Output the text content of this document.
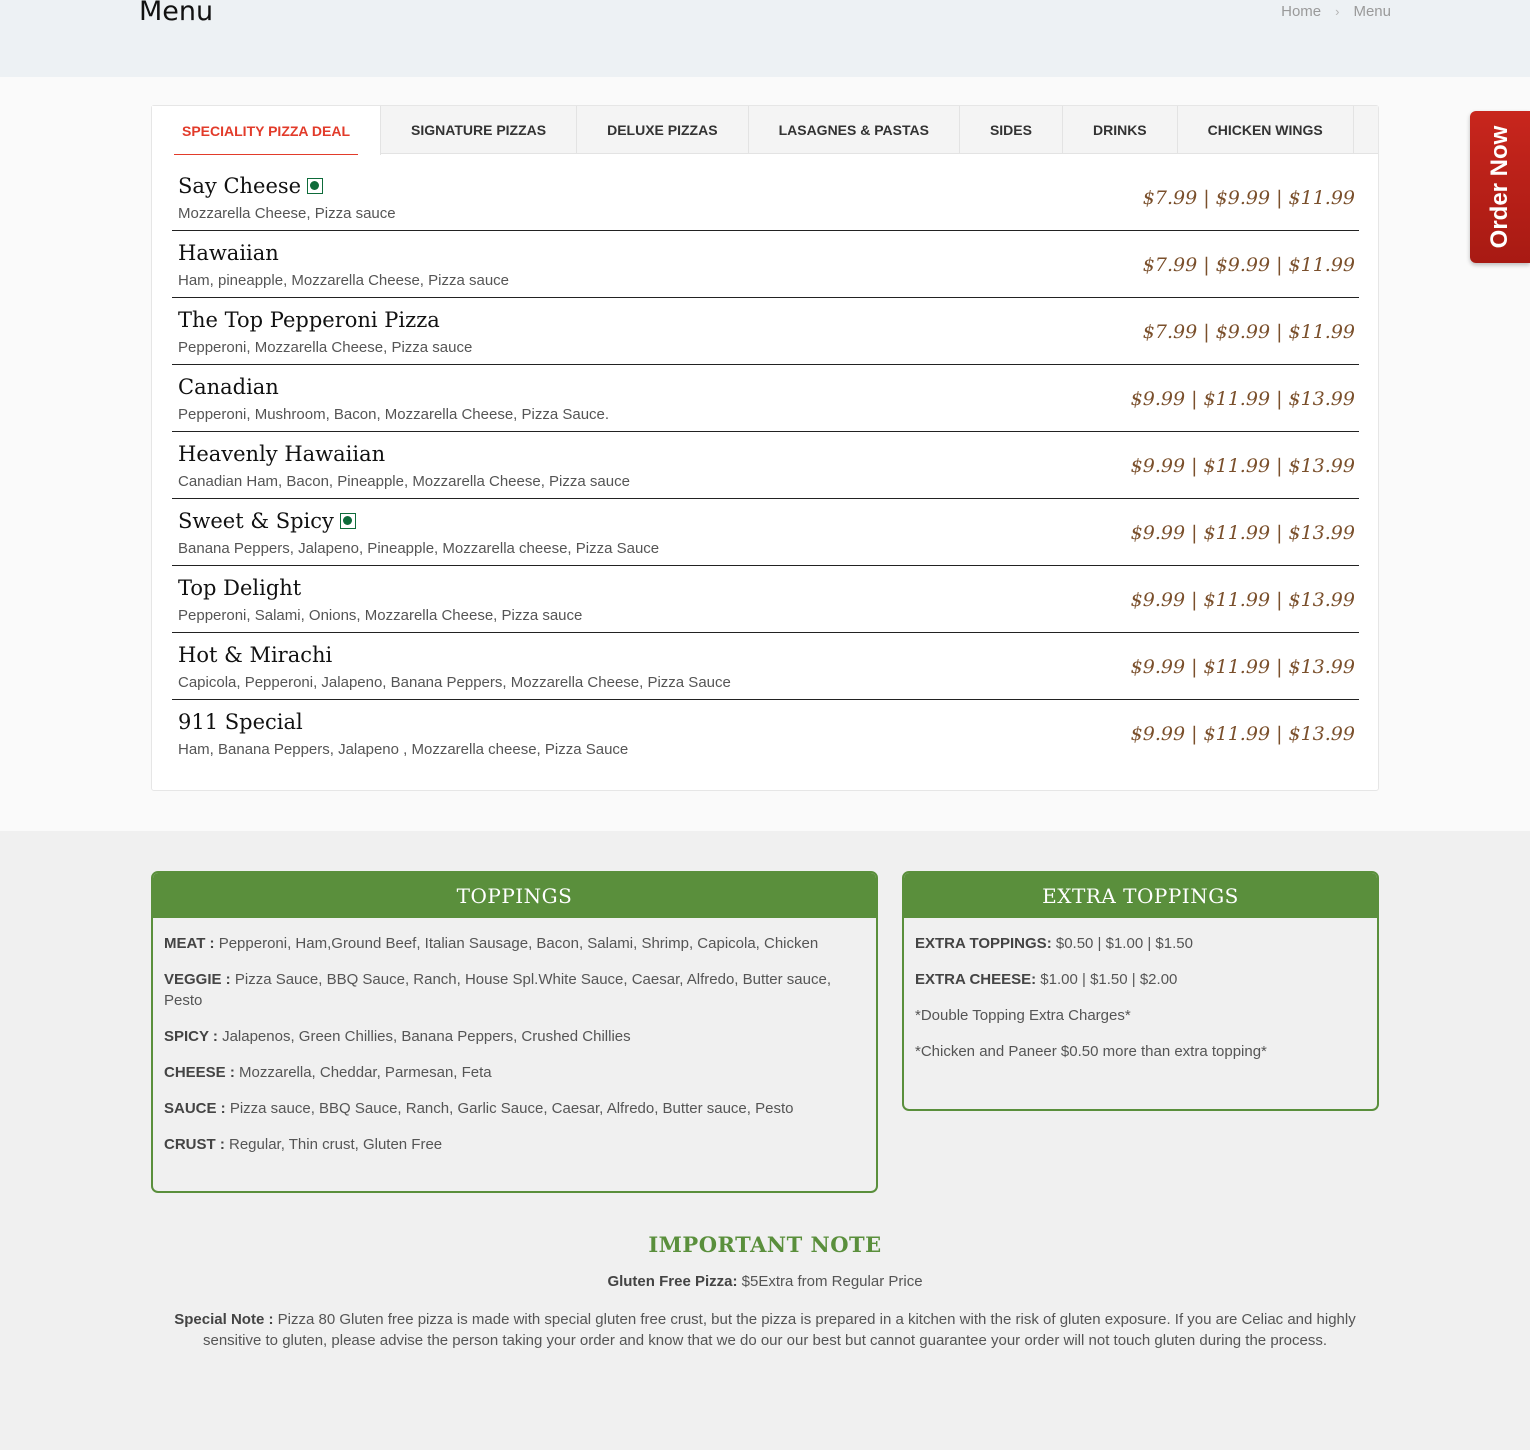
Menu	Home › Menu
SPECIALITY PIZZA DEAL	SIGNATURE PIZZAS	DELUXE PIZZAS	LASAGNES & PASTAS	SIDES	DRINKS	CHICKEN WINGS
Say Cheese
Mozzarella Cheese, Pizza sauce
$7.99 | $9.99 | $11.99
Hawaiian
Ham, pineapple, Mozzarella Cheese, Pizza sauce
$7.99 | $9.99 | $11.99
The Top Pepperoni Pizza
Pepperoni, Mozzarella Cheese, Pizza sauce
$7.99 | $9.99 | $11.99
Canadian
Pepperoni, Mushroom, Bacon, Mozzarella Cheese, Pizza Sauce.
$9.99 | $11.99 | $13.99
Heavenly Hawaiian
Canadian Ham, Bacon, Pineapple, Mozzarella Cheese, Pizza sauce
$9.99 | $11.99 | $13.99
Sweet & Spicy
Banana Peppers, Jalapeno, Pineapple, Mozzarella cheese, Pizza Sauce
$9.99 | $11.99 | $13.99
Top Delight
Pepperoni, Salami, Onions, Mozzarella Cheese, Pizza sauce
$9.99 | $11.99 | $13.99
Hot & Mirachi
Capicola, Pepperoni, Jalapeno, Banana Peppers, Mozzarella Cheese, Pizza Sauce
$9.99 | $11.99 | $13.99
911 Special
Ham, Banana Peppers, Jalapeno , Mozzarella cheese, Pizza Sauce
$9.99 | $11.99 | $13.99
Order Now
TOPPINGS

MEAT : Pepperoni, Ham,Ground Beef, Italian Sausage, Bacon, Salami, Shrimp, Capicola, Chicken

VEGGIE : Pizza Sauce, BBQ Sauce, Ranch, House Spl.White Sauce, Caesar, Alfredo, Butter sauce, Pesto

SPICY : Jalapenos, Green Chillies, Banana Peppers, Crushed Chillies

CHEESE : Mozzarella, Cheddar, Parmesan, Feta

SAUCE : Pizza sauce, BBQ Sauce, Ranch, Garlic Sauce, Caesar, Alfredo, Butter sauce, Pesto

CRUST : Regular, Thin crust, Gluten Free

EXTRA TOPPINGS

EXTRA TOPPINGS: $0.50 | $1.00 | $1.50

EXTRA CHEESE: $1.00 | $1.50 | $2.00

*Double Topping Extra Charges*

*Chicken and Paneer $0.50 more than extra topping*

IMPORTANT NOTE
Gluten Free Pizza: $5Extra from Regular Price
Special Note : Pizza 80 Gluten free pizza is made with special gluten free crust, but the pizza is prepared in a kitchen with the risk of gluten exposure. If you are Celiac and highly sensitive to gluten, please advise the person taking your order and know that we do our our best but cannot guarantee your order will not touch gluten during the process.
